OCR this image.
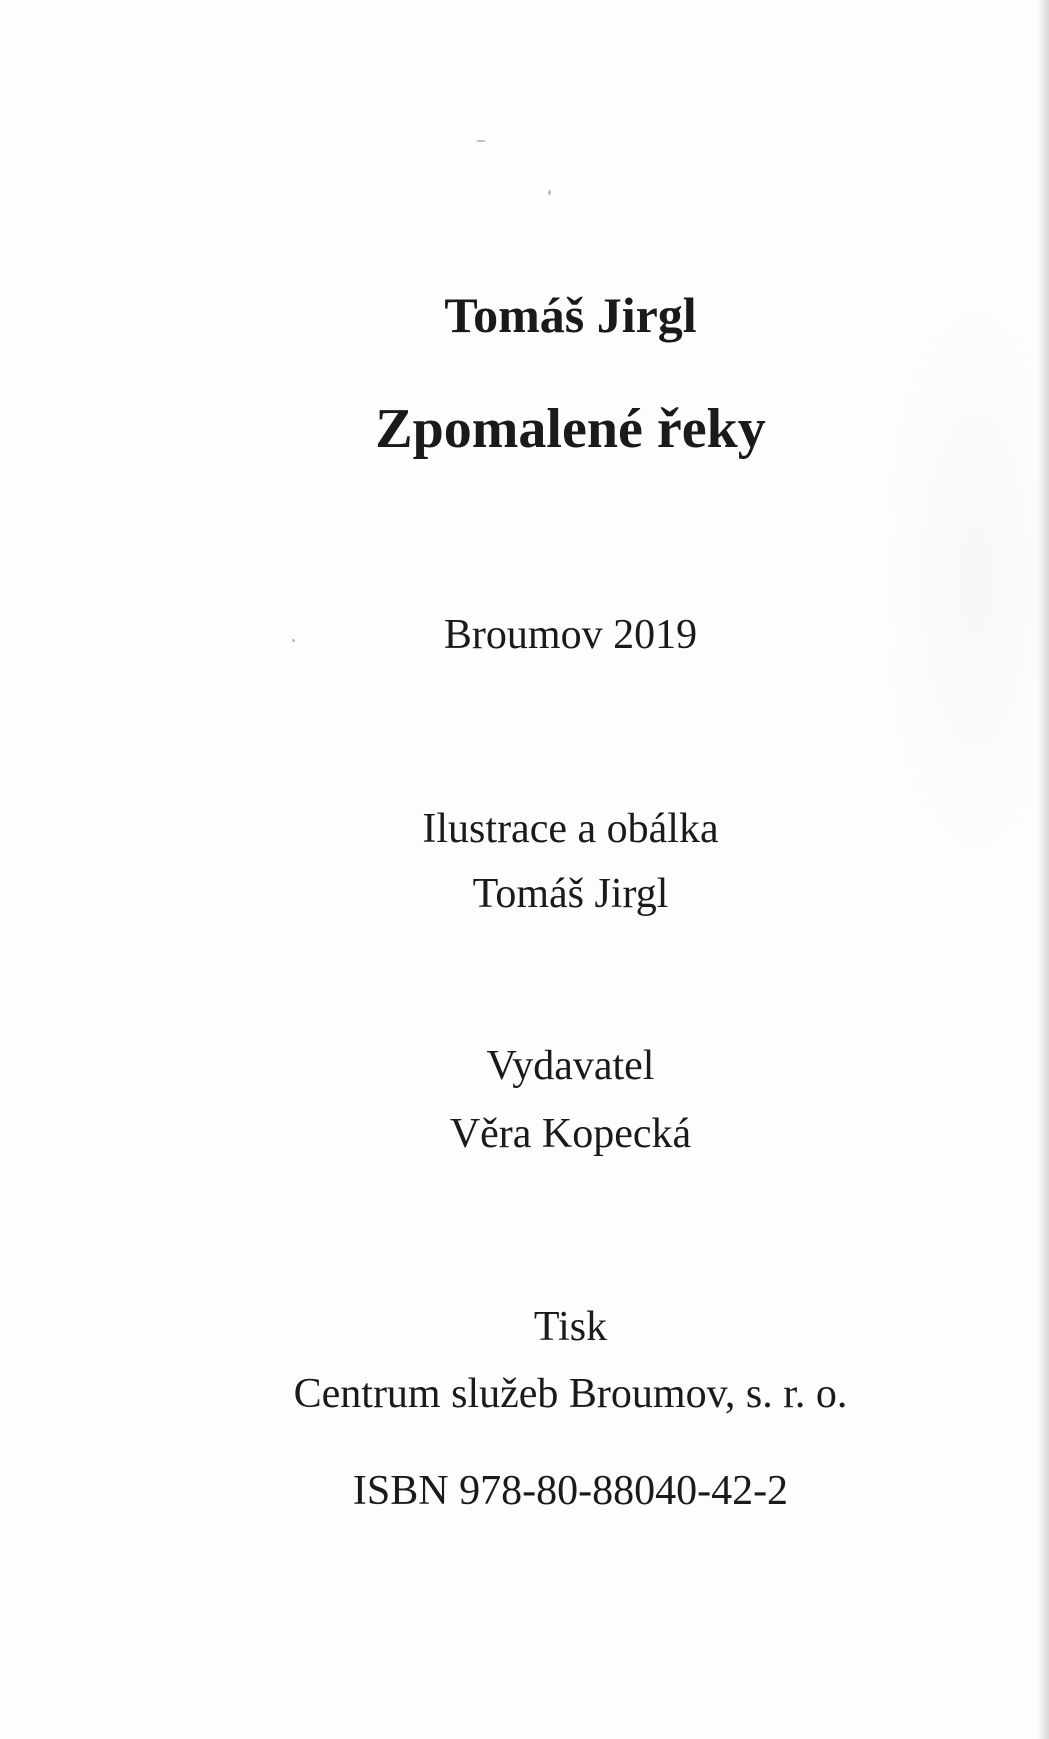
Tomáš Jirgl

Zpomalené řeky

Broumov 2019

Ilustrace a obálka

Tomáš Jirgl

Vydavatel

Věra Kopecká

Tisk

Centrum služeb Broumov, s. r. o.

ISBN 978-80-88040-42-2
